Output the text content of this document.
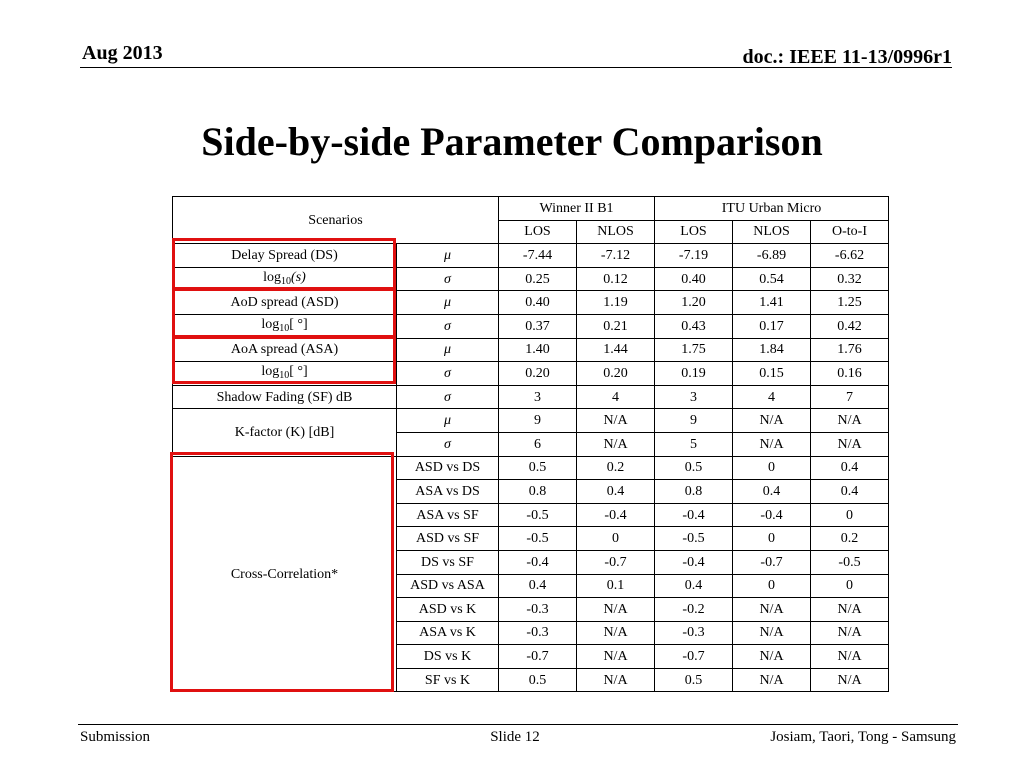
Aug 2013	doc.: IEEE 11-13/0996r1
Side-by-side Parameter Comparison
Scenarios		Winner II B1		ITU Urban Micro		
		LOS	NLOS	LOS	NLOS	O-to-I
Delay Spread (DS)	μ	-7.44	-7.12	-7.19	-6.89	-6.62
$\log_{10}(s)$	σ	0.25	0.12	0.40	0.54	0.32
AoD spread (ASD)	μ	0.40	1.19	1.20	1.41	1.25
$\log_{10}$[ °]	σ	0.37	0.21	0.43	0.17	0.42
AoA spread (ASA)	μ	1.40	1.44	1.75	1.84	1.76
$\log_{10}$[ °]	σ	0.20	0.20	0.19	0.15	0.16
Shadow Fading (SF) dB	σ	3	4	3	4	7
K-factor (K) [dB]	μ	9	N/A	9	N/A	N/A
	σ	6	N/A	5	N/A	N/A
Cross-Correlation*	ASD vs DS	0.5	0.2	0.5	0	0.4
	ASA vs DS	0.8	0.4	0.8	0.4	0.4
	ASA vs SF	-0.5	-0.4	-0.4	-0.4	0
	ASD vs SF	-0.5	0	-0.5	0	0.2
	DS vs SF	-0.4	-0.7	-0.4	-0.7	-0.5
	ASD vs ASA	0.4	0.1	0.4	0	0
	ASD vs K	-0.3	N/A	-0.2	N/A	N/A
	ASA vs K	-0.3	N/A	-0.3	N/A	N/A
	DS vs K	-0.7	N/A	-0.7	N/A	N/A
	SF vs K	0.5	N/A	0.5	N/A	N/A
Submission	Slide 12	Josiam, Taori, Tong - Samsung
